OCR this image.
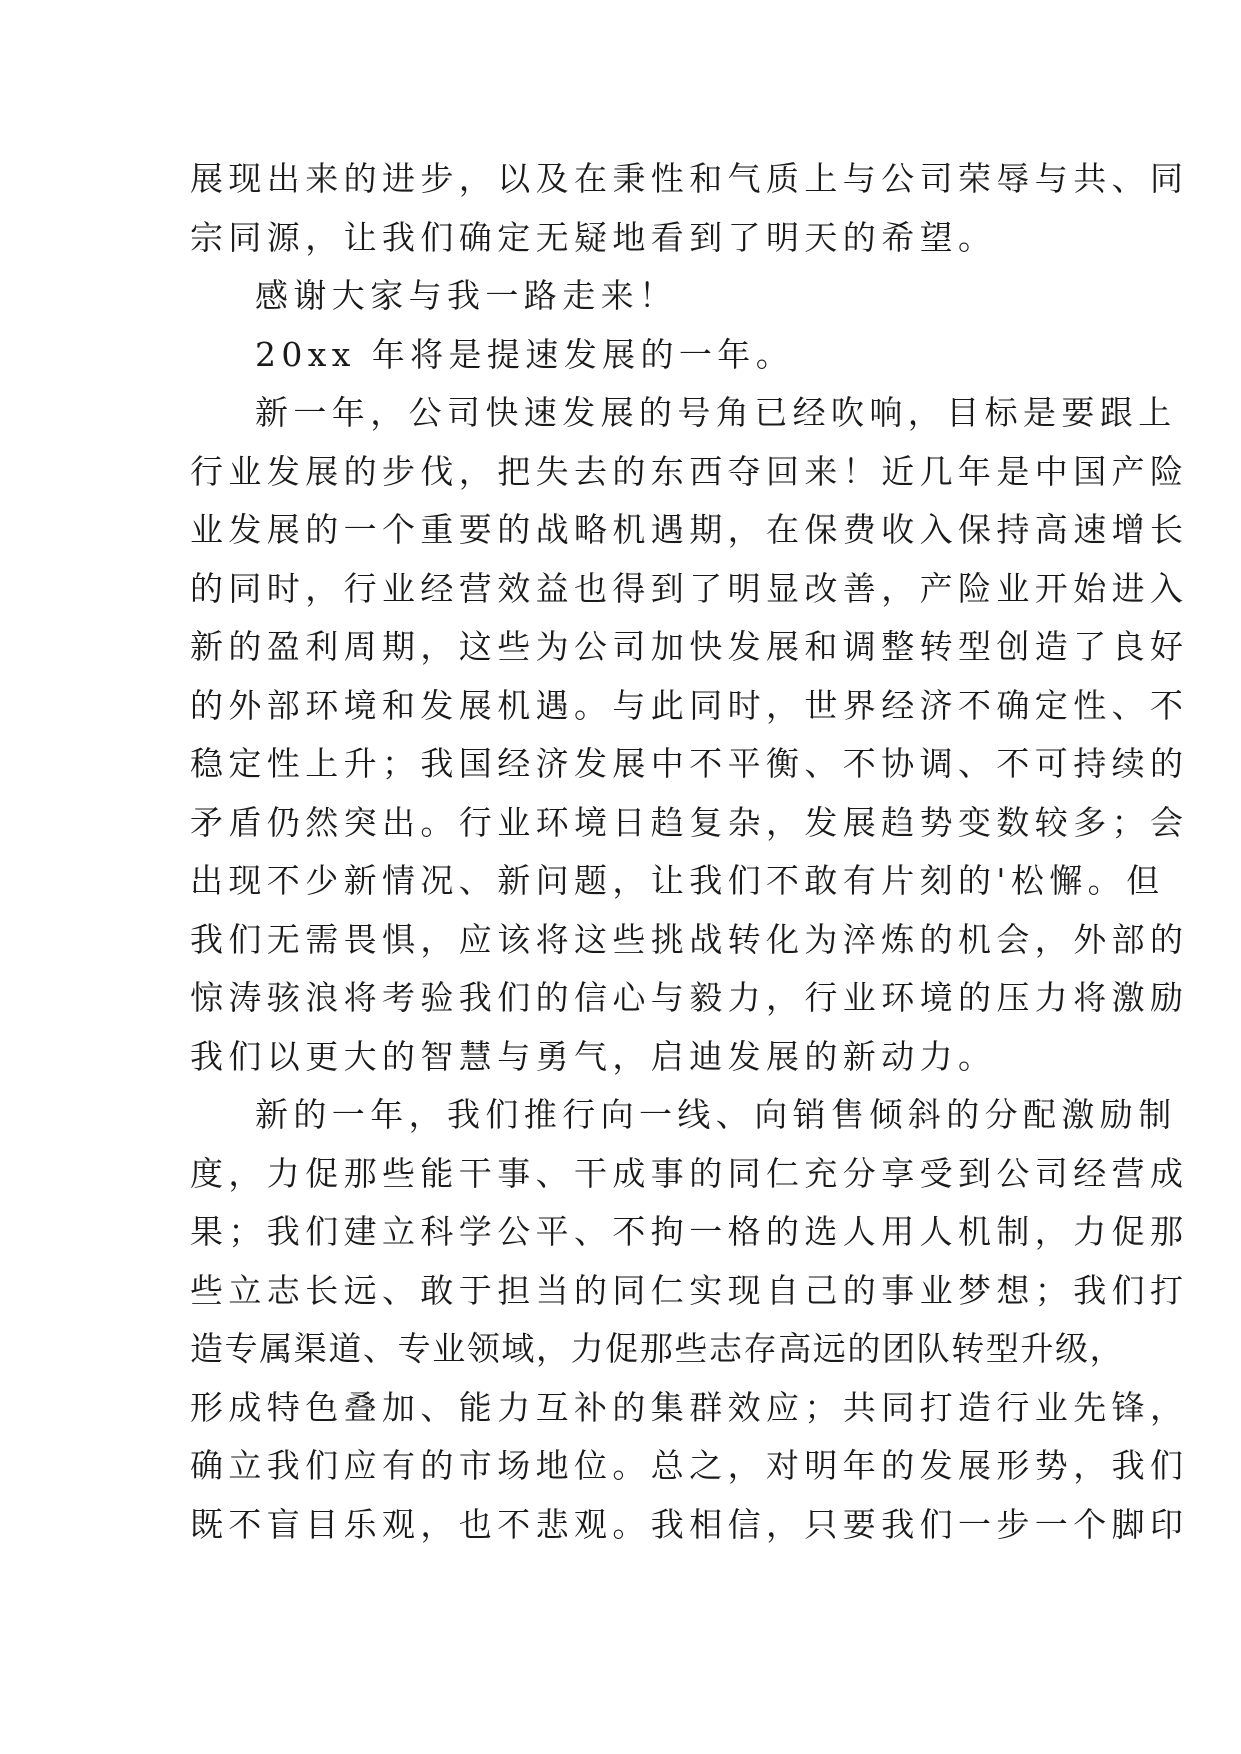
展现出来的进步，以及在秉性和气质上与公司荣辱与共、同
宗同源，让我们确定无疑地看到了明天的希望。
感谢大家与我一路走来！
20xx 年将是提速发展的一年。
新一年，公司快速发展的号角已经吹响，目标是要跟上
行业发展的步伐，把失去的东西夺回来！近几年是中国产险
业发展的一个重要的战略机遇期，在保费收入保持高速增长
的同时，行业经营效益也得到了明显改善，产险业开始进入
新的盈利周期，这些为公司加快发展和调整转型创造了良好
的外部环境和发展机遇。与此同时，世界经济不确定性、不
稳定性上升；我国经济发展中不平衡、不协调、不可持续的
矛盾仍然突出。行业环境日趋复杂，发展趋势变数较多；会
出现不少新情况、新问题，让我们不敢有片刻的'松懈。但
我们无需畏惧，应该将这些挑战转化为淬炼的机会，外部的
惊涛骇浪将考验我们的信心与毅力，行业环境的压力将激励
我们以更大的智慧与勇气，启迪发展的新动力。
新的一年，我们推行向一线、向销售倾斜的分配激励制
度，力促那些能干事、干成事的同仁充分享受到公司经营成
果；我们建立科学公平、不拘一格的选人用人机制，力促那
些立志长远、敢于担当的同仁实现自己的事业梦想；我们打
造专属渠道、专业领域，力促那些志存高远的团队转型升级，
形成特色叠加、能力互补的集群效应；共同打造行业先锋，
确立我们应有的市场地位。总之，对明年的发展形势，我们
既不盲目乐观，也不悲观。我相信，只要我们一步一个脚印
